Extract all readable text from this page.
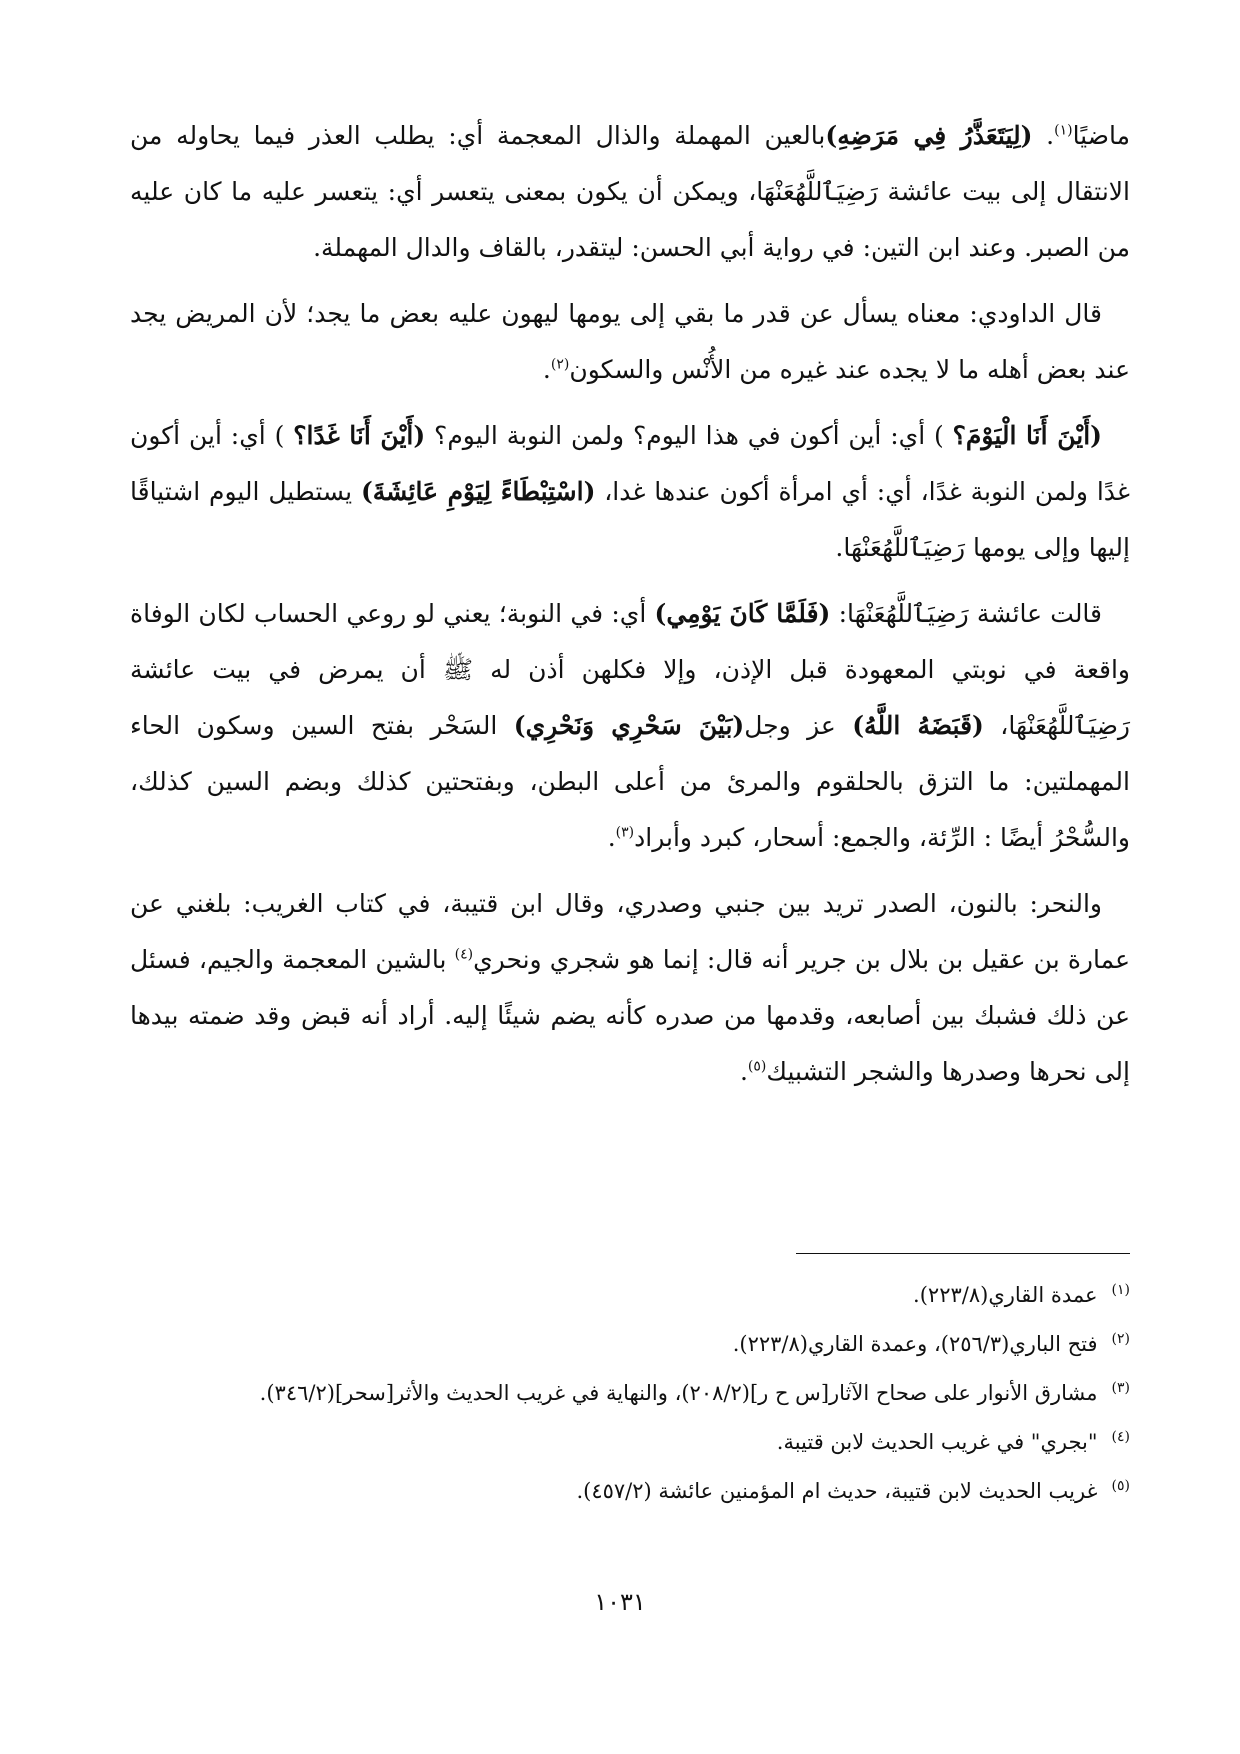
ماضيًا$^{(١)}$. (لِيَتَعَذَّرُ فِي مَرَضِهِ)بالعين المهملة والذال المعجمة أي: يطلب العذر فيما يحاوله من الانتقال إلى بيت عائشة رَضِيَٱللَّهُعَنْهَا، ويمكن أن يكون بمعنى يتعسر أي: يتعسر عليه ما كان عليه من الصبر. وعند ابن التين: في رواية أبي الحسن: ليتقدر، بالقاف والدال المهملة.

قال الداودي: معناه يسأل عن قدر ما بقي إلى يومها ليهون عليه بعض ما يجد؛ لأن المريض يجد عند بعض أهله ما لا يجده عند غيره من الأُنْس والسكون$^{(٢)}$.

(أَيْنَ أَنَا الْيَوْمَ؟ ) أي: أين أكون في هذا اليوم؟ ولمن النوبة اليوم؟ (أَيْنَ أَنَا غَدًا؟ ) أي: أين أكون غدًا ولمن النوبة غدًا، أي: أي امرأة أكون عندها غدا، (اسْتِبْطَاءً لِيَوْمِ عَائِشَةَ) يستطيل اليوم اشتياقًا إليها وإلى يومها رَضِيَٱللَّهُعَنْهَا.

قالت عائشة رَضِيَٱللَّهُعَنْهَا: (فَلَمَّا كَانَ يَوْمِي) أي: في النوبة؛ يعني لو روعي الحساب لكان الوفاة واقعة في نوبتي المعهودة قبل الإذن، وإلا فكلهن أذن له ﷺ أن يمرض في بيت عائشة رَضِيَٱللَّهُعَنْهَا، (قَبَضَهُ اللَّهُ) عز وجل(بَيْنَ سَحْرِي وَنَحْرِي) السَحْر بفتح السين وسكون الحاء المهملتين: ما التزق بالحلقوم والمرئ من أعلى البطن، وبفتحتين كذلك وبضم السين كذلك، والسُّحْرُ أيضًا : الرِّئة، والجمع: أسحار، كبرد وأبراد$^{(٣)}$.

والنحر: بالنون، الصدر تريد بين جنبي وصدري، وقال ابن قتيبة، في كتاب الغريب: بلغني عن عمارة بن عقيل بن بلال بن جرير أنه قال: إنما هو شجري ونحري$^{(٤)}$ بالشين المعجمة والجيم، فسئل عن ذلك فشبك بين أصابعه، وقدمها من صدره كأنه يضم شيئًا إليه. أراد أنه قبض وقد ضمته بيدها إلى نحرها وصدرها والشجر التشبيك$^{(٥)}$.

$^{(١)}$عمدة القاري(٢٢٣/٨).
$^{(٢)}$فتح الباري(٢٥٦/٣)، وعمدة القاري(٢٢٣/٨).
$^{(٣)}$مشارق الأنوار على صحاح الآثار[س ح ر](٢٠٨/٢)، والنهاية في غريب الحديث والأثر[سحر](٣٤٦/٢).
$^{(٤)}$"بجري" في غريب الحديث لابن قتيبة.
$^{(٥)}$غريب الحديث لابن قتيبة، حديث ام المؤمنين عائشة (٤٥٧/٢).
١٠٣١
